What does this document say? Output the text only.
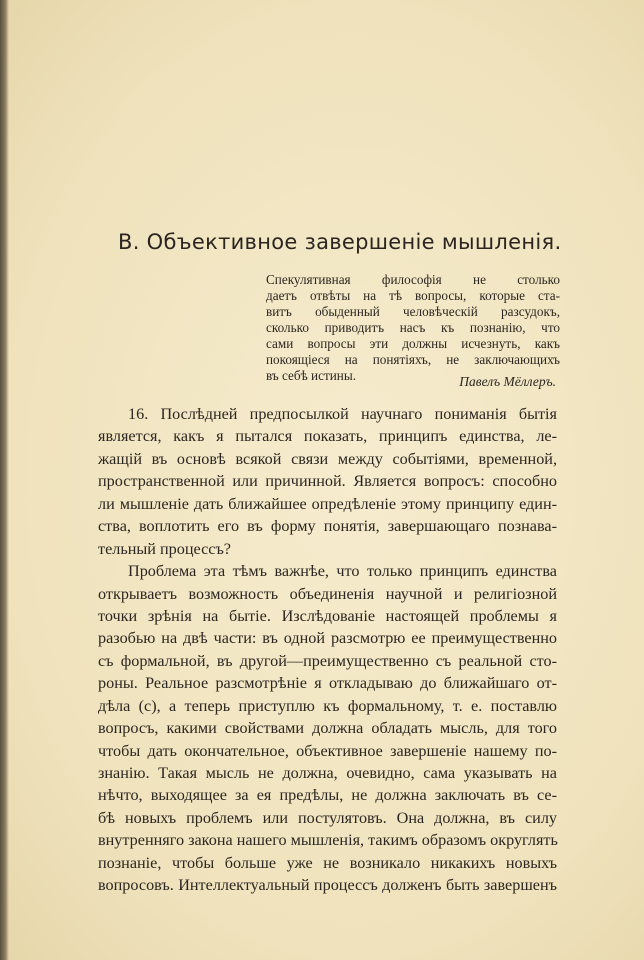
B. Объективное завершеніе мышленія.
Спекулятивная философія не столько
даетъ отвѣты на тѣ вопросы, которые ста-
витъ обыденный человѣческій разсудокъ,
сколько приводитъ насъ къ познанію, что
сами вопросы эти должны исчезнуть, какъ
покоящіеся на понятіяхъ, не заключающихъ
въ себѣ истины.	Павелъ Мёллеръ.
16. Послѣдней предпосылкой научнаго пониманія бытія
является, какъ я пытался показать, принципъ единства, ле-
жащій въ основѣ всякой связи между событіями, временной,
пространственной или причинной. Является вопросъ: способно
ли мышленіе дать ближайшее опредѣленіе этому принципу един-
ства, воплотить его въ форму понятія, завершающаго познава-
тельный процессъ?
Проблема эта тѣмъ важнѣе, что только принципъ единства
открываетъ возможность объединенія научной и религіозной
точки зрѣнія на бытіе. Изслѣдованіе настоящей проблемы я
разобью на двѣ части: въ одной разсмотрю ее преимущественно
съ формальной, въ другой—преимущественно съ реальной сто-
роны. Реальное разсмотрѣніе я откладываю до ближайшаго от-
дѣла (с), а теперь приступлю къ формальному, т. е. поставлю
вопросъ, какими свойствами должна обладать мысль, для того
чтобы дать окончательное, объективное завершеніе нашему по-
знанію. Такая мысль не должна, очевидно, сама указывать на
нѣчто, выходящее за ея предѣлы, не должна заключать въ се-
бѣ новыхъ проблемъ или постулятовъ. Она должна, въ силу
внутренняго закона нашего мышленія, такимъ образомъ округлять
познаніе, чтобы больше уже не возникало никакихъ новыхъ
вопросовъ. Интеллектуальный процессъ долженъ быть завершенъ
